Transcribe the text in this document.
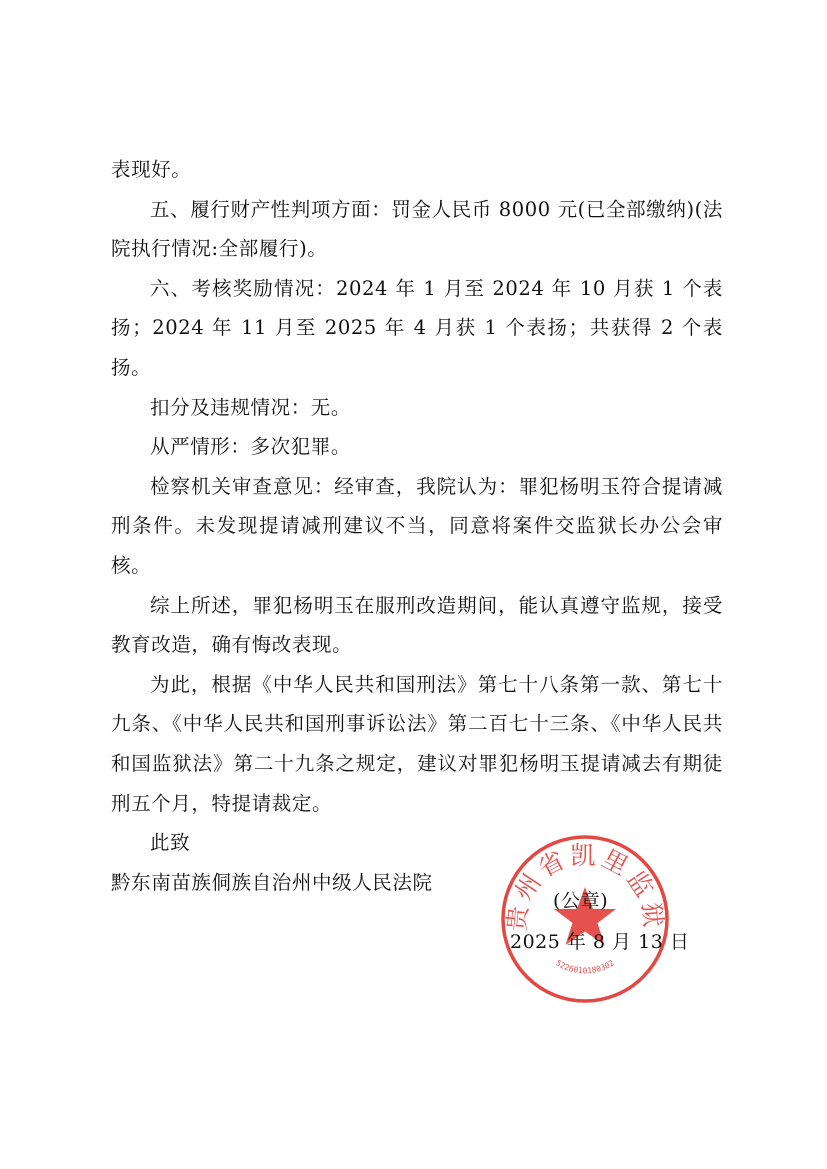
表现好。

五、履行财产性判项方面：罚金人民币 8000 元(已全部缴纳)(法院执行情况:全部履行)。

六、考核奖励情况：2024 年 1 月至 2024 年 10 月获 1 个表扬；2024 年 11 月至 2025 年 4 月获 1 个表扬；共获得 2 个表扬。

扣分及违规情况：无。

从严情形：多次犯罪。

检察机关审查意见：经审查，我院认为：罪犯杨明玉符合提请减刑条件。未发现提请减刑建议不当，同意将案件交监狱长办公会审核。

综上所述，罪犯杨明玉在服刑改造期间，能认真遵守监规，接受教育改造，确有悔改表现。

为此，根据《中华人民共和国刑法》第七十八条第一款、第七十九条、《中华人民共和国刑事诉讼法》第二百七十三条、《中华人民共和国监狱法》第二十九条之规定，建议对罪犯杨明玉提请减去有期徒刑五个月，特提请裁定。

此致

黔东南苗族侗族自治州中级人民法院

贵州省凯里监狱
5226010180302
(公章)
2025 年 8 月 13 日
